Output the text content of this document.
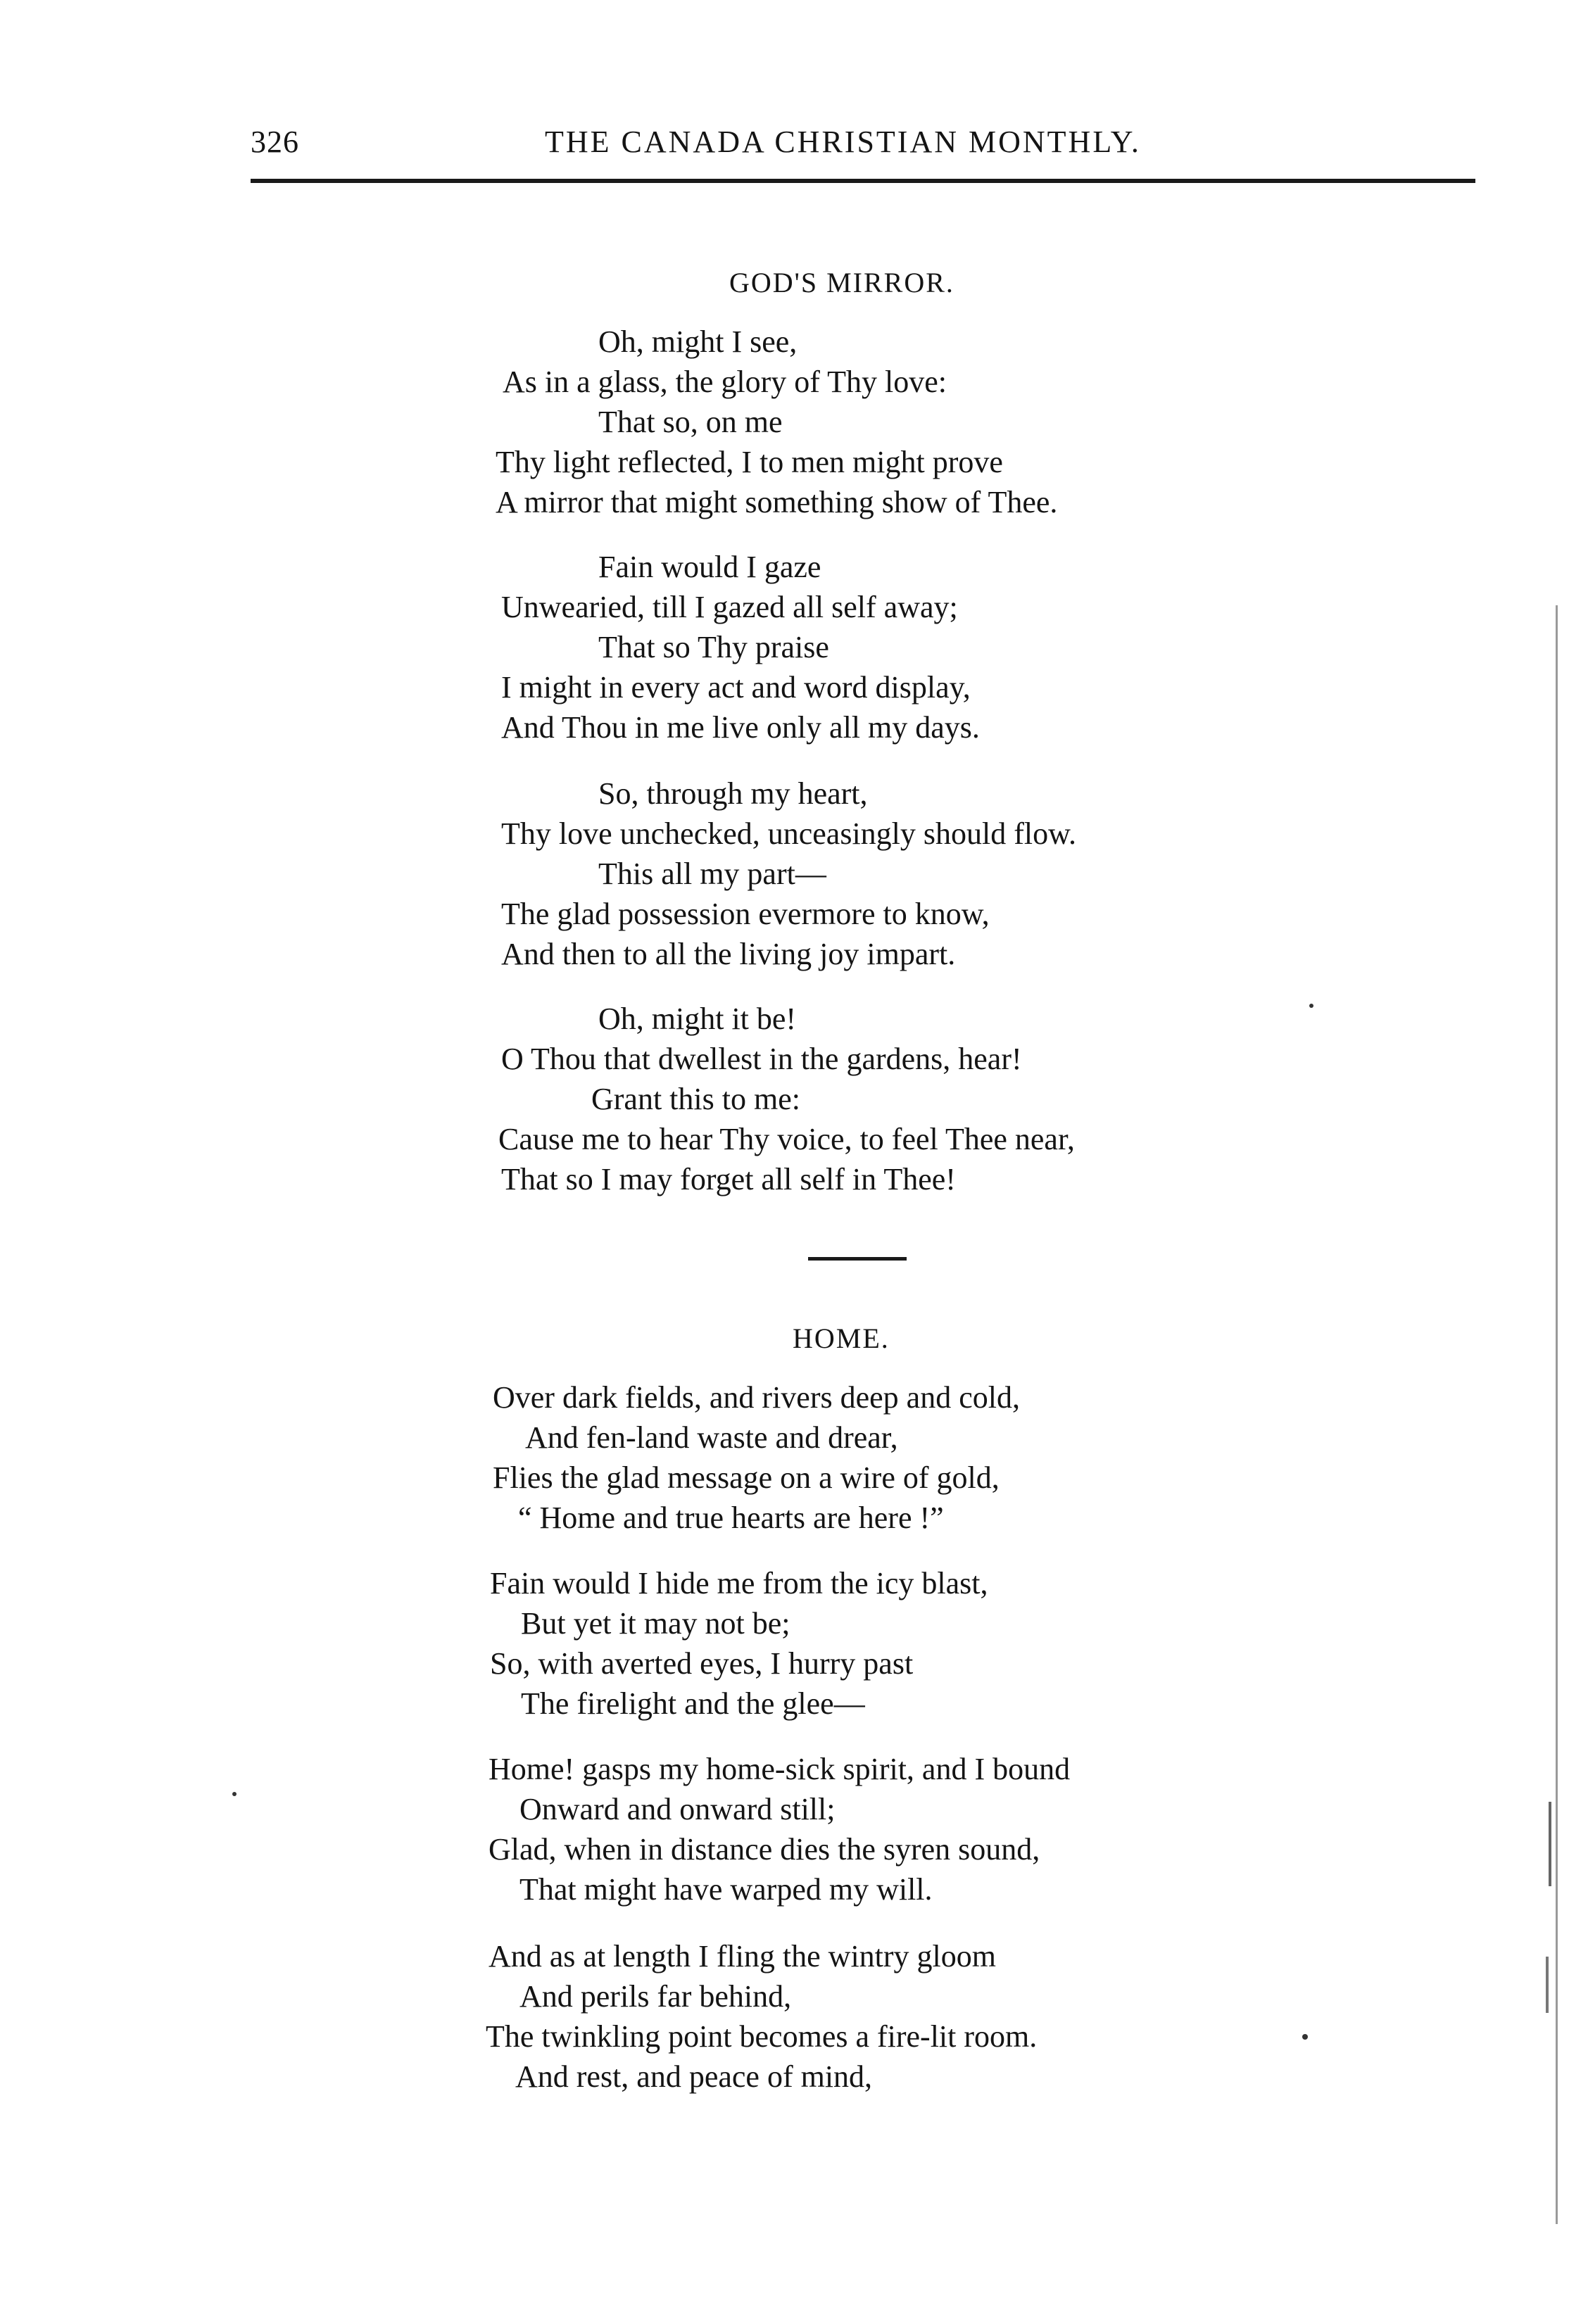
326	THE CANADA CHRISTIAN MONTHLY.
GOD'S MIRROR.
Oh, might I see,
As in a glass, the glory of Thy love:
That so, on me
Thy light reflected, I to men might prove
A mirror that might something show of Thee.
Fain would I gaze
Unwearied, till I gazed all self away;
That so Thy praise
I might in every act and word display,
And Thou in me live only all my days.
So, through my heart,
Thy love unchecked, unceasingly should flow.
This all my part—
The glad possession evermore to know,
And then to all the living joy impart.
Oh, might it be!
O Thou that dwellest in the gardens, hear!
Grant this to me:
Cause me to hear Thy voice, to feel Thee near,
That so I may forget all self in Thee!
HOME.
Over dark fields, and rivers deep and cold,
And fen-land waste and drear,
Flies the glad message on a wire of gold,
“ Home and true hearts are here !”
Fain would I hide me from the icy blast,
But yet it may not be;
So, with averted eyes, I hurry past
The firelight and the glee—
Home! gasps my home-sick spirit, and I bound
Onward and onward still;
Glad, when in distance dies the syren sound,
That might have warped my will.
And as at length I fling the wintry gloom
And perils far behind,
The twinkling point becomes a fire-lit room.
And rest, and peace of mind,
